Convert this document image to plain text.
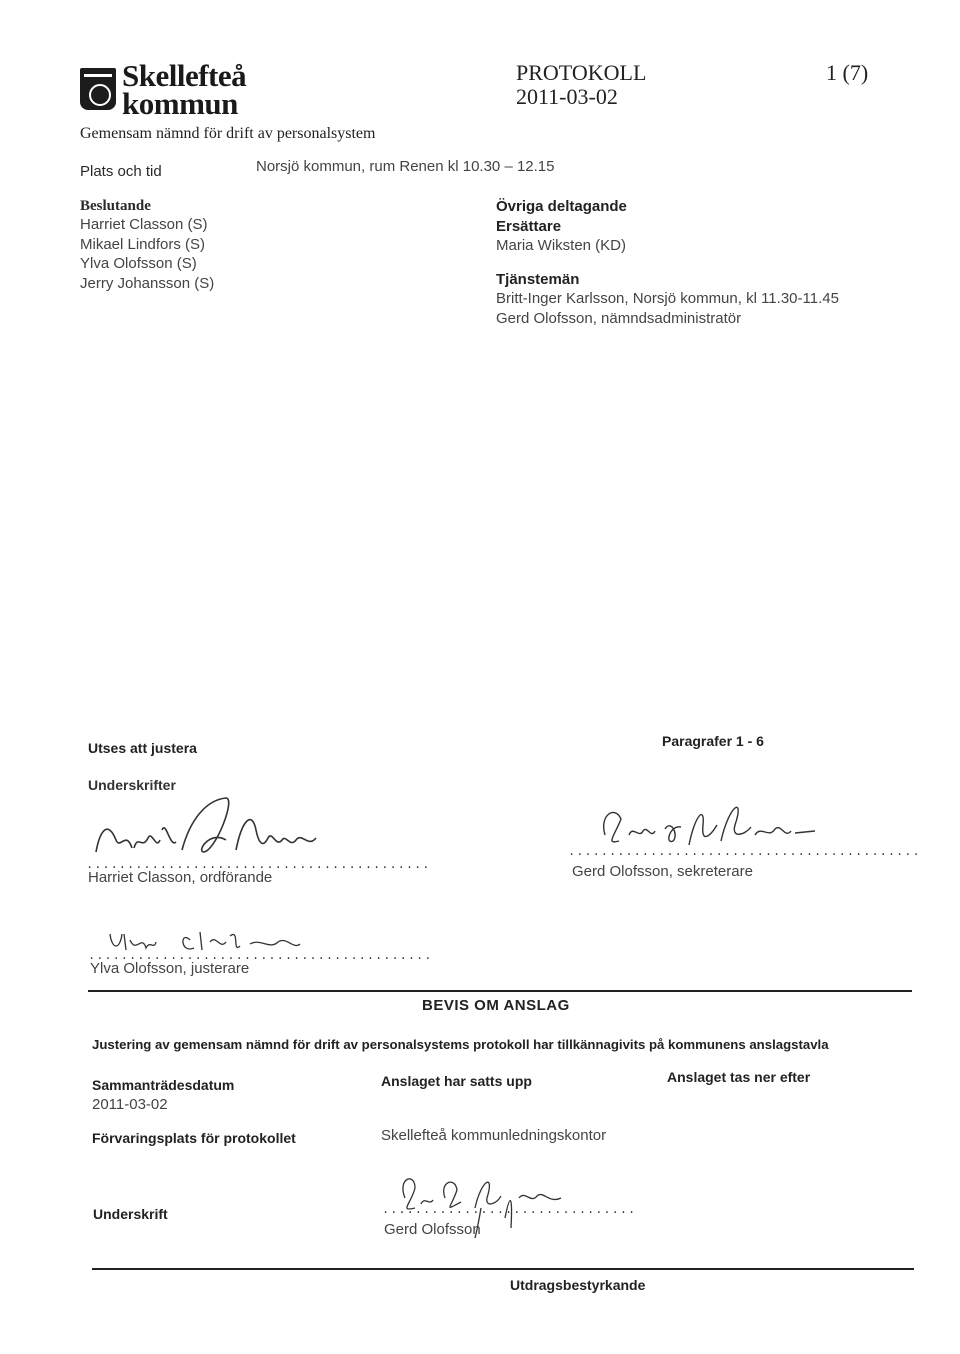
Skellefteå
kommun
PROTOKOLL
2011-03-02
1 (7)
Gemensam nämnd för drift av personalsystem
Plats och tid	Norsjö kommun, rum Renen kl 10.30 – 12.15
Beslutande
Harriet Classon (S)
Mikael Lindfors (S)
Ylva Olofsson (S)
Jerry Johansson (S)
Övriga deltagande
Ersättare
Maria Wiksten (KD)
Tjänstemän
Britt-Inger Karlsson, Norsjö kommun, kl 11.30-11.45
Gerd Olofsson, nämndsadministratör
Utses att justera	Paragrafer 1 - 6
Underskrifter
..........................................
Harriet Classon, ordförande
...........................................
Gerd Olofsson, sekreterare
..........................................
Ylva Olofsson, justerare
BEVIS OM ANSLAG
Justering av gemensam nämnd för drift av personalsystems protokoll har tillkännagivits på kommunens anslagstavla
Sammanträdesdatum
2011-03-02
Anslaget har satts upp	Anslaget tas ner efter
Förvaringsplats för protokollet	Skellefteå kommunledningskontor
Underskrift	...............................
Gerd Olofsson
Utdragsbestyrkande
